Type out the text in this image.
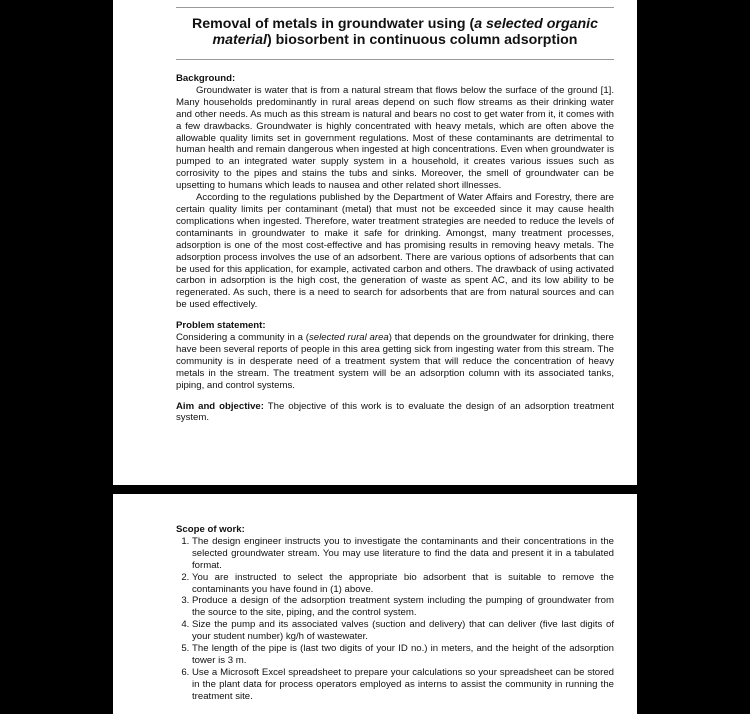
Removal of metals in groundwater using (a selected organic
material) biosorbent in continuous column adsorption

Background:

Groundwater is water that is from a natural stream that flows below the surface of the ground [1]. Many households predominantly in rural areas depend on such flow streams as their drinking water and other needs. As much as this stream is natural and bears no cost to get water from it, it comes with a few drawbacks. Groundwater is highly concentrated with heavy metals, which are often above the allowable quality limits set in government regulations. Most of these contaminants are detrimental to human health and remain dangerous when ingested at high concentrations. Even when groundwater is pumped to an integrated water supply system in a household, it creates various issues such as corrosivity to the pipes and stains the tubs and sinks. Moreover, the smell of groundwater can be upsetting to humans which leads to nausea and other related short illnesses.

According to the regulations published by the Department of Water Affairs and Forestry, there are certain quality limits per contaminant (metal) that must not be exceeded since it may cause health complications when ingested. Therefore, water treatment strategies are needed to reduce the levels of contaminants in groundwater to make it safe for drinking. Amongst, many treatment processes, adsorption is one of the most cost-effective and has promising results in removing heavy metals. The adsorption process involves the use of an adsorbent. There are various options of adsorbents that can be used for this application, for example, activated carbon and others. The drawback of using activated carbon in adsorption is the high cost, the generation of waste as spent AC, and its low ability to be regenerated. As such, there is a need to search for adsorbents that are from natural sources and can be used effectively.

Problem statement:

Considering a community in a (selected rural area) that depends on the groundwater for drinking, there have been several reports of people in this area getting sick from ingesting water from this stream. The community is in desperate need of a treatment system that will reduce the concentration of heavy metals in the stream. The treatment system will be an adsorption column with its associated tanks, piping, and control systems.

Aim and objective: The objective of this work is to evaluate the design of an adsorption treatment system.

Scope of work:

1. The design engineer instructs you to investigate the contaminants and their concentrations in the selected groundwater stream. You may use literature to find the data and present it in a tabulated format.
2. You are instructed to select the appropriate bio adsorbent that is suitable to remove the contaminants you have found in (1) above.
3. Produce a design of the adsorption treatment system including the pumping of groundwater from the source to the site, piping, and the control system.
4. Size the pump and its associated valves (suction and delivery) that can deliver (five last digits of your student number) kg/h of wastewater.
5. The length of the pipe is (last two digits of your ID no.) in meters, and the height of the adsorption tower is 3 m.
6. Use a Microsoft Excel spreadsheet to prepare your calculations so your spreadsheet can be stored in the plant data for process operators employed as interns to assist the community in running the treatment site.
